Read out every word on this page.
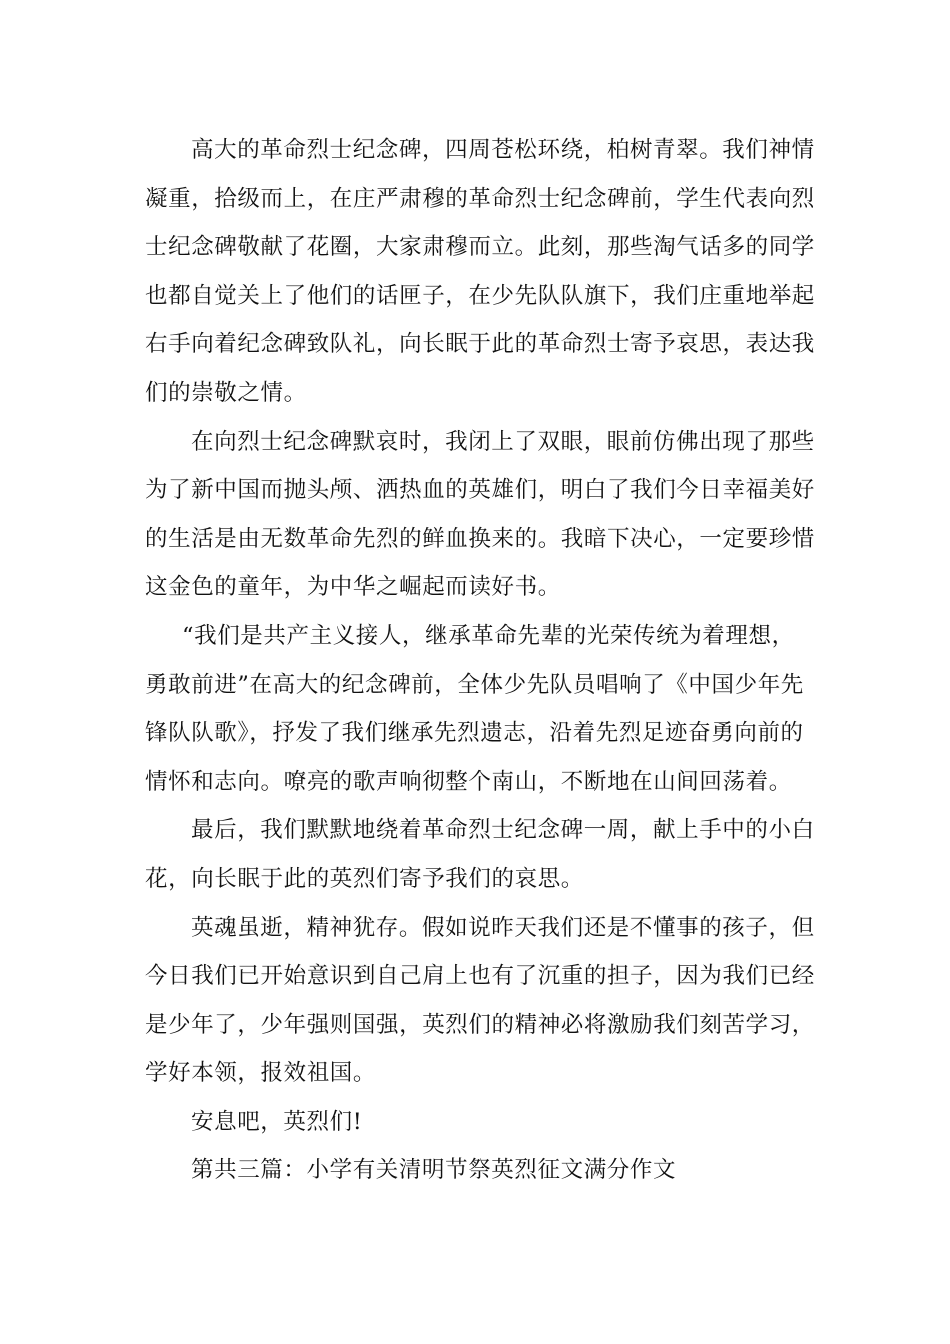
高大的革命烈士纪念碑，四周苍松环绕，柏树青翠。我们神情
凝重，拾级而上，在庄严肃穆的革命烈士纪念碑前，学生代表向烈
士纪念碑敬献了花圈，大家肃穆而立。此刻，那些淘气话多的同学
也都自觉关上了他们的话匣子，在少先队队旗下，我们庄重地举起
右手向着纪念碑致队礼，向长眠于此的革命烈士寄予哀思，表达我
们的崇敬之情。
在向烈士纪念碑默哀时，我闭上了双眼，眼前仿佛出现了那些
为了新中国而抛头颅、洒热血的英雄们，明白了我们今日幸福美好
的生活是由无数革命先烈的鲜血换来的。我暗下决心，一定要珍惜
这金色的童年，为中华之崛起而读好书。
“我们是共产主义接人，继承革命先辈的光荣传统为着理想，
勇敢前进”在高大的纪念碑前，全体少先队员唱响了《中国少年先
锋队队歌》，抒发了我们继承先烈遗志，沿着先烈足迹奋勇向前的
情怀和志向。嘹亮的歌声响彻整个南山，不断地在山间回荡着。
最后，我们默默地绕着革命烈士纪念碑一周，献上手中的小白
花，向长眠于此的英烈们寄予我们的哀思。
英魂虽逝，精神犹存。假如说昨天我们还是不懂事的孩子，但
今日我们已开始意识到自己肩上也有了沉重的担子，因为我们已经
是少年了，少年强则国强，英烈们的精神必将激励我们刻苦学习，
学好本领，报效祖国。
安息吧，英烈们!
第共三篇：小学有关清明节祭英烈征文满分作文
